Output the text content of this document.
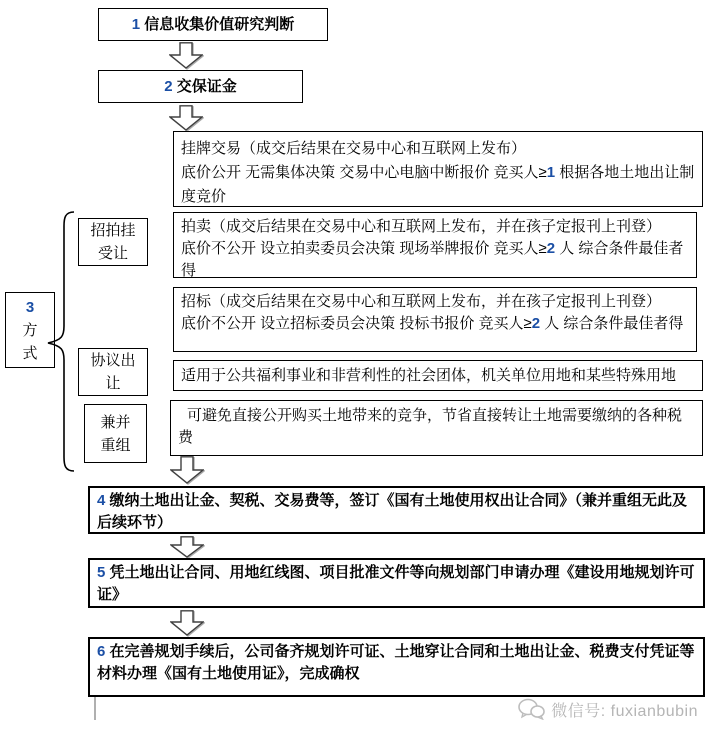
1 信息收集价值研究判断
2 交保证金
挂牌交易（成交后结果在交易中心和互联网上发布）
底价公开 无需集体决策 交易中心电脑中断报价 竞买人≥1 根据各地土地出让制度竞价
拍卖（成交后结果在交易中心和互联网上发布，并在孩子定报刊上刊登）
底价不公开 设立拍卖委员会决策 现场举牌报价 竞买人≥2 人 综合条件最佳者得
招标（成交后结果在交易中心和互联网上发布，并在孩子定报刊上刊登）
底价不公开 设立招标委员会决策 投标书报价 竞买人≥2 人 综合条件最佳者得
适用于公共福利事业和非营利性的社会团体，机关单位用地和某些特殊用地
可避免直接公开购买土地带来的竞争，节省直接转让土地需要缴纳的各种税费
招拍挂
受让
协议出
让
兼并
重组
3
方
式
4 缴纳土地出让金、契税、交易费等，签订《国有土地使用权出让合同》（兼并重组无此及后续环节）
5 凭土地出让合同、用地红线图、项目批准文件等向规划部门申请办理《建设用地规划许可证》
6 在完善规划手续后，公司备齐规划许可证、土地穿让合同和土地出让金、税费支付凭证等材料办理《国有土地使用证》，完成确权
微信号: fuxianbubin
